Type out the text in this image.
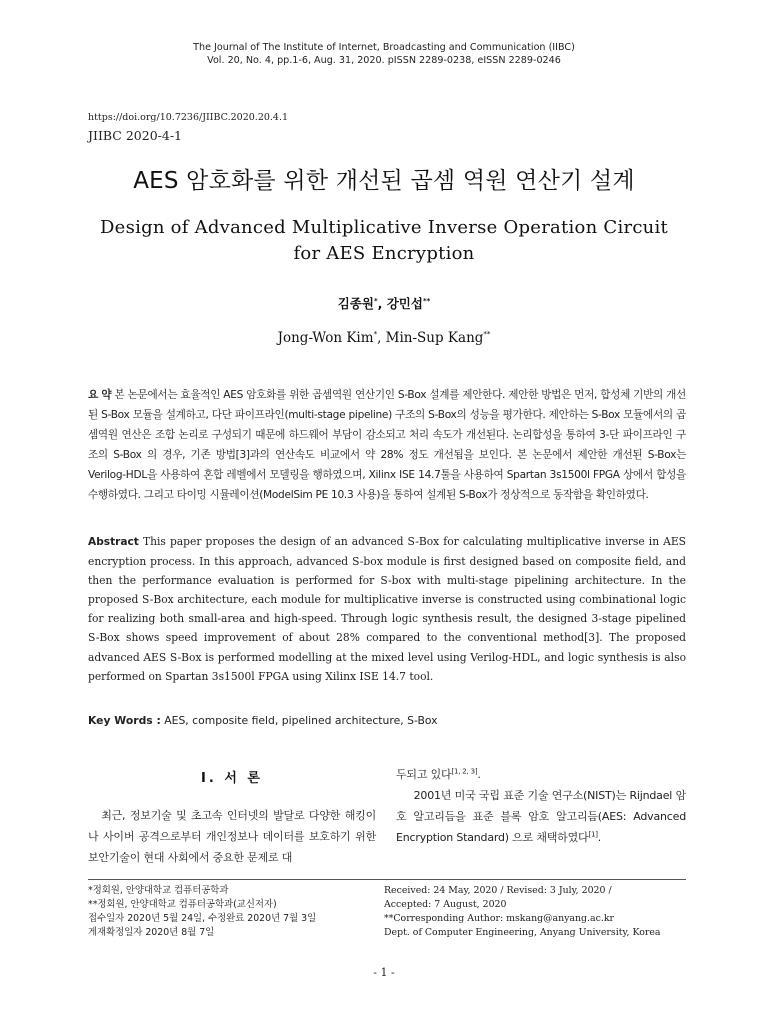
The Journal of The Institute of Internet, Broadcasting and Communication (IIBC)
Vol. 20, No. 4, pp.1-6, Aug. 31, 2020. pISSN 2289-0238, eISSN 2289-0246
https://doi.org/10.7236/JIIBC.2020.20.4.1
JIIBC 2020-4-1
AES 암호화를 위한 개선된 곱셈 역원 연산기 설계
Design of Advanced Multiplicative Inverse Operation Circuit
for AES Encryption
김종원*, 강민섭**
Jong-Won Kim*, Min-Sup Kang**
요 약 본 논문에서는 효율적인 AES 암호화를 위한 곱셈역원 연산기인 S-Box 설계를 제안한다. 제안한 방법은 먼저, 합성체 기반의 개선된 S-Box 모듈을 설계하고, 다단 파이프라인(multi-stage pipeline) 구조의 S-Box의 성능을 평가한다. 제안하는 S-Box 모듈에서의 곱셈역원 연산은 조합 논리로 구성되기 때문에 하드웨어 부담이 감소되고 처리 속도가 개선된다. 논리합성을 통하여 3-단 파이프라인 구조의 S-Box 의 경우, 기존 방법[3]과의 연산속도 비교에서 약 28% 정도 개선됨을 보인다. 본 논문에서 제안한 개선된 S-Box는 Verilog-HDL을 사용하여 혼합 레벨에서 모델링을 행하였으며, Xilinx ISE 14.7툴을 사용하여 Spartan 3s1500l FPGA 상에서 합성을 수행하였다. 그리고 타이밍 시뮬레이션(ModelSim PE 10.3 사용)을 통하여 설계된 S-Box가 정상적으로 동작함을 확인하였다.
Abstract This paper proposes the design of an advanced S-Box for calculating multiplicative inverse in AES encryption process. In this approach, advanced S-box module is first designed based on composite field, and then the performance evaluation is performed for S-box with multi-stage pipelining architecture. In the proposed S-Box architecture, each module for multiplicative inverse is constructed using combinational logic for realizing both small-area and high-speed. Through logic synthesis result, the designed 3-stage pipelined S-Box shows speed improvement of about 28% compared to the conventional method[3]. The proposed advanced AES S-Box is performed modelling at the mixed level using Verilog-HDL, and logic synthesis is also performed on Spartan 3s1500l FPGA using Xilinx ISE 14.7 tool.
Key Words : AES, composite field, pipelined architecture, S-Box
Ⅰ. 서 론
최근, 정보기술 및 초고속 인터넷의 발달로 다양한 해킹이나 사이버 공격으로부터 개인정보나 데이터를 보호하기 위한 보안기술이 현대 사회에서 중요한 문제로 대
두되고 있다[1, 2, 3].
2001년 미국 국립 표준 기술 연구소(NIST)는 Rijndael 암호 알고리듬을 표준 블록 암호 알고리듬(AES: Advanced Encryption Standard) 으로 채택하였다[1].
*정회원, 안양대학교 컴퓨터공학과
**정회원, 안양대학교 컴퓨터공학과(교신저자)
접수일자 2020년 5월 24일, 수정완료 2020년 7월 3일
게재확정일자 2020년 8월 7일
Received: 24 May, 2020 / Revised: 3 July, 2020 /
Accepted: 7 August, 2020
**Corresponding Author: mskang@anyang.ac.kr
Dept. of Computer Engineering, Anyang University, Korea
- 1 -
